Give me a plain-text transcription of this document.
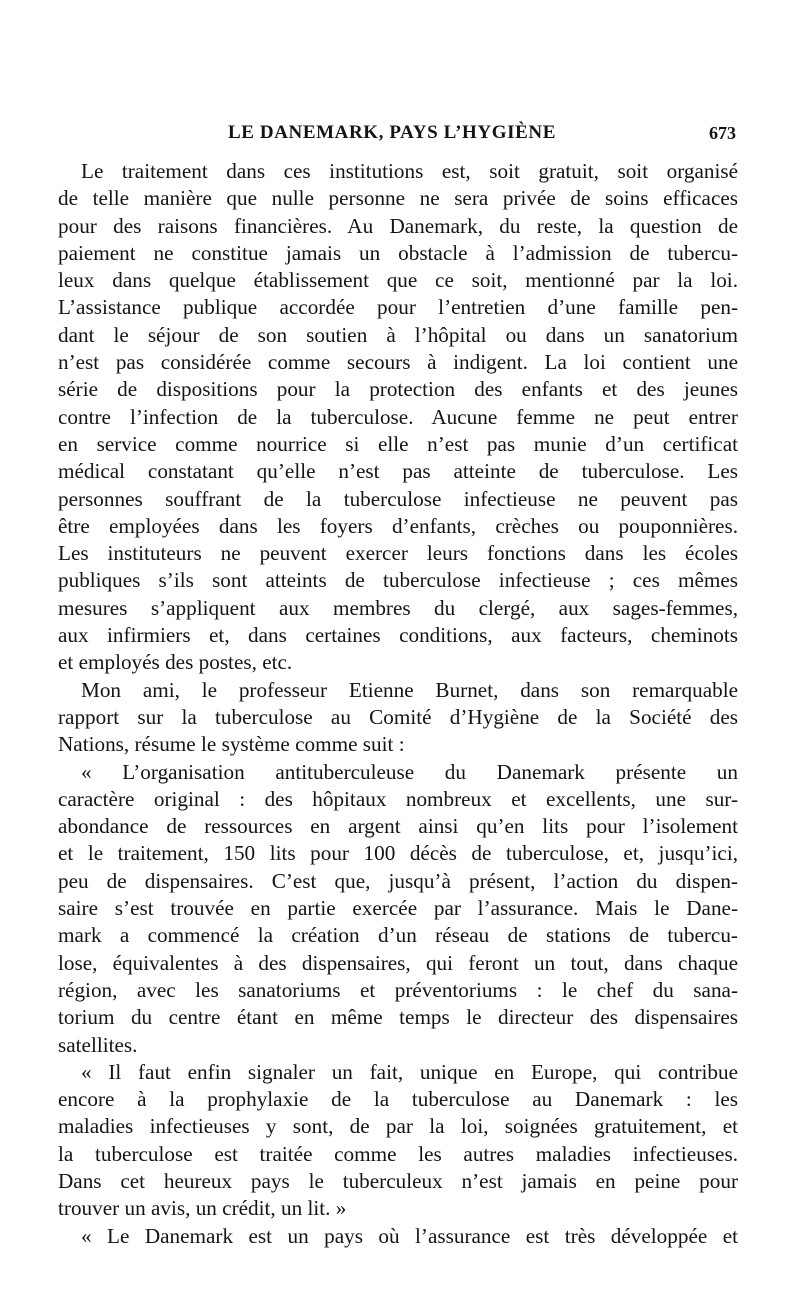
LE DANEMARK, PAYS L’HYGIÈNE	673
Le traitement dans ces institutions est, soit gratuit, soit organisé
de telle manière que nulle personne ne sera privée de soins efficaces
pour des raisons financières. Au Danemark, du reste, la question de
paiement ne constitue jamais un obstacle à l’admission de tubercu-
leux dans quelque établissement que ce soit, mentionné par la loi.
L’assistance publique accordée pour l’entretien d’une famille pen-
dant le séjour de son soutien à l’hôpital ou dans un sanatorium
n’est pas considérée comme secours à indigent. La loi contient une
série de dispositions pour la protection des enfants et des jeunes
contre l’infection de la tuberculose. Aucune femme ne peut entrer
en service comme nourrice si elle n’est pas munie d’un certificat
médical constatant qu’elle n’est pas atteinte de tuberculose. Les
personnes souffrant de la tuberculose infectieuse ne peuvent pas
être employées dans les foyers d’enfants, crèches ou pouponnières.
Les instituteurs ne peuvent exercer leurs fonctions dans les écoles
publiques s’ils sont atteints de tuberculose infectieuse ; ces mêmes
mesures s’appliquent aux membres du clergé, aux sages-femmes,
aux infirmiers et, dans certaines conditions, aux facteurs, cheminots
et employés des postes, etc.
Mon ami, le professeur Etienne Burnet, dans son remarquable
rapport sur la tuberculose au Comité d’Hygiène de la Société des
Nations, résume le système comme suit :
« L’organisation antituberculeuse du Danemark présente un
caractère original : des hôpitaux nombreux et excellents, une sur-
abondance de ressources en argent ainsi qu’en lits pour l’isolement
et le traitement, 150 lits pour 100 décès de tuberculose, et, jusqu’ici,
peu de dispensaires. C’est que, jusqu’à présent, l’action du dispen-
saire s’est trouvée en partie exercée par l’assurance. Mais le Dane-
mark a commencé la création d’un réseau de stations de tubercu-
lose, équivalentes à des dispensaires, qui feront un tout, dans chaque
région, avec les sanatoriums et préventoriums : le chef du sana-
torium du centre étant en même temps le directeur des dispensaires
satellites.
« Il faut enfin signaler un fait, unique en Europe, qui contribue
encore à la prophylaxie de la tuberculose au Danemark : les
maladies infectieuses y sont, de par la loi, soignées gratuitement, et
la tuberculose est traitée comme les autres maladies infectieuses.
Dans cet heureux pays le tuberculeux n’est jamais en peine pour
trouver un avis, un crédit, un lit. »
« Le Danemark est un pays où l’assurance est très développée et
